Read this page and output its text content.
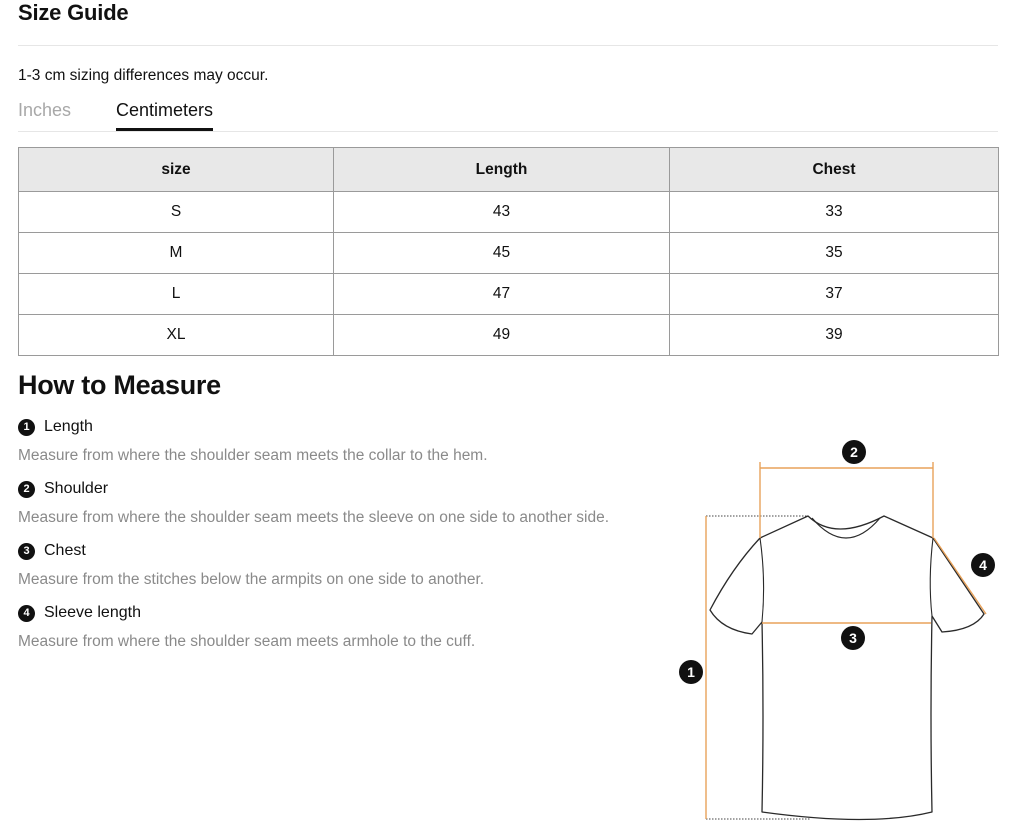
Size Guide
1-3 cm sizing differences may occur.
Inches Centimeters
size	Length	Chest
S	43	33
M	45	35
L	47	37
XL	49	39
How to Measure
1 Length
Measure from where the shoulder seam meets the collar to the hem.
2 Shoulder
Measure from where the shoulder seam meets the sleeve on one side to another side.
3 Chest
Measure from the stitches below the armpits on one side to another.
4 Sleeve length
Measure from where the shoulder seam meets armhole to the cuff.
1
2
3
4
